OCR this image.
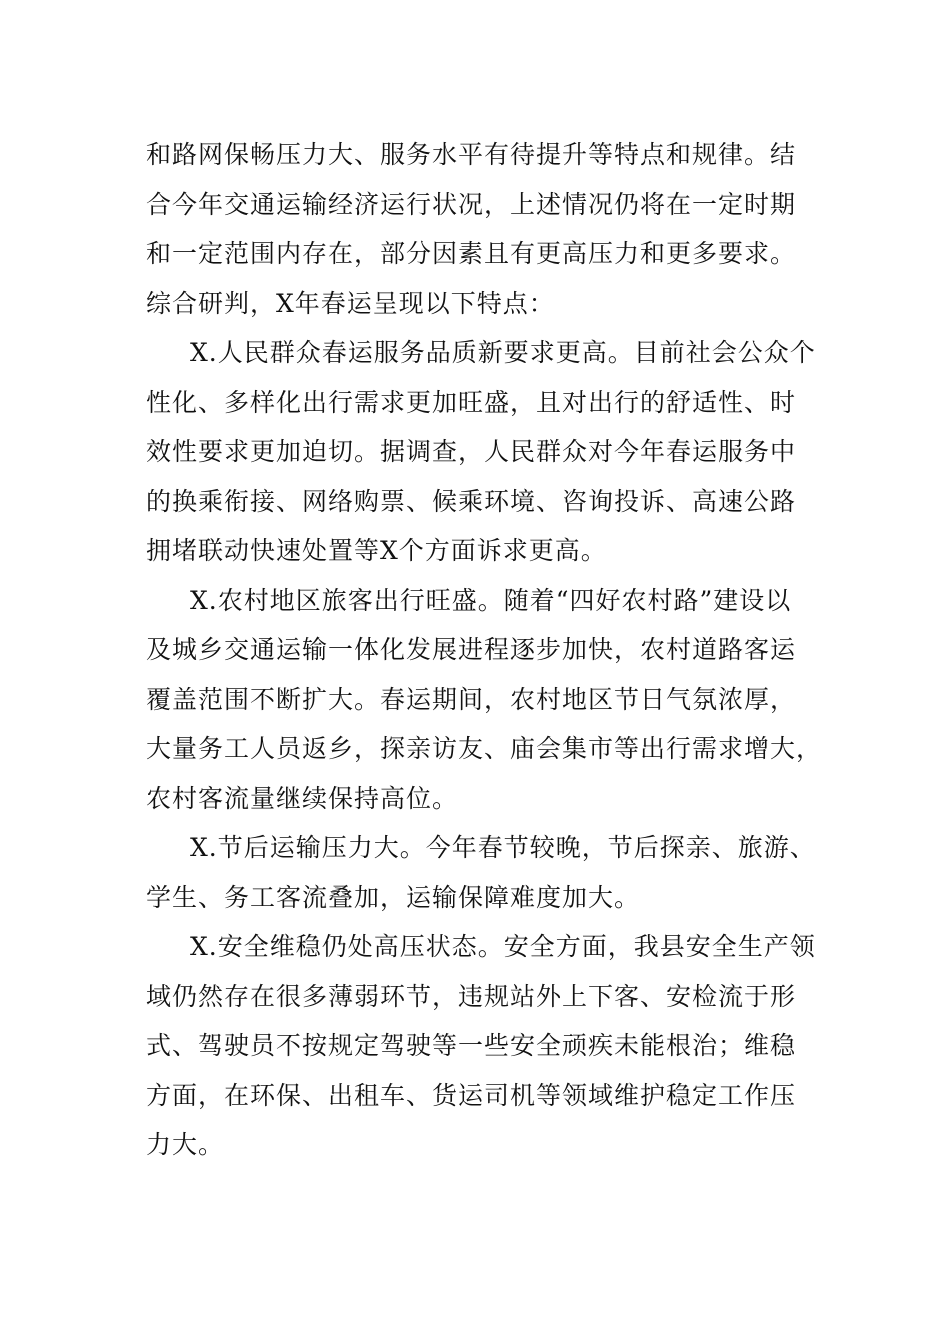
和路网保畅压力大、服务水平有待提升等特点和规律。结
合今年交通运输经济运行状况，上述情况仍将在一定时期
和一定范围内存在，部分因素且有更高压力和更多要求。
综合研判，X年春运呈现以下特点：
X.人民群众春运服务品质新要求更高。目前社会公众个
性化、多样化出行需求更加旺盛，且对出行的舒适性、时
效性要求更加迫切。据调查，人民群众对今年春运服务中
的换乘衔接、网络购票、候乘环境、咨询投诉、高速公路
拥堵联动快速处置等X个方面诉求更高。
X.农村地区旅客出行旺盛。随着“四好农村路”建设以
及城乡交通运输一体化发展进程逐步加快，农村道路客运
覆盖范围不断扩大。春运期间，农村地区节日气氛浓厚，
大量务工人员返乡，探亲访友、庙会集市等出行需求增大，
农村客流量继续保持高位。
X.节后运输压力大。今年春节较晚，节后探亲、旅游、
学生、务工客流叠加，运输保障难度加大。
X.安全维稳仍处高压状态。安全方面，我县安全生产领
域仍然存在很多薄弱环节，违规站外上下客、安检流于形
式、驾驶员不按规定驾驶等一些安全顽疾未能根治；维稳
方面，在环保、出租车、货运司机等领域维护稳定工作压
力大。
